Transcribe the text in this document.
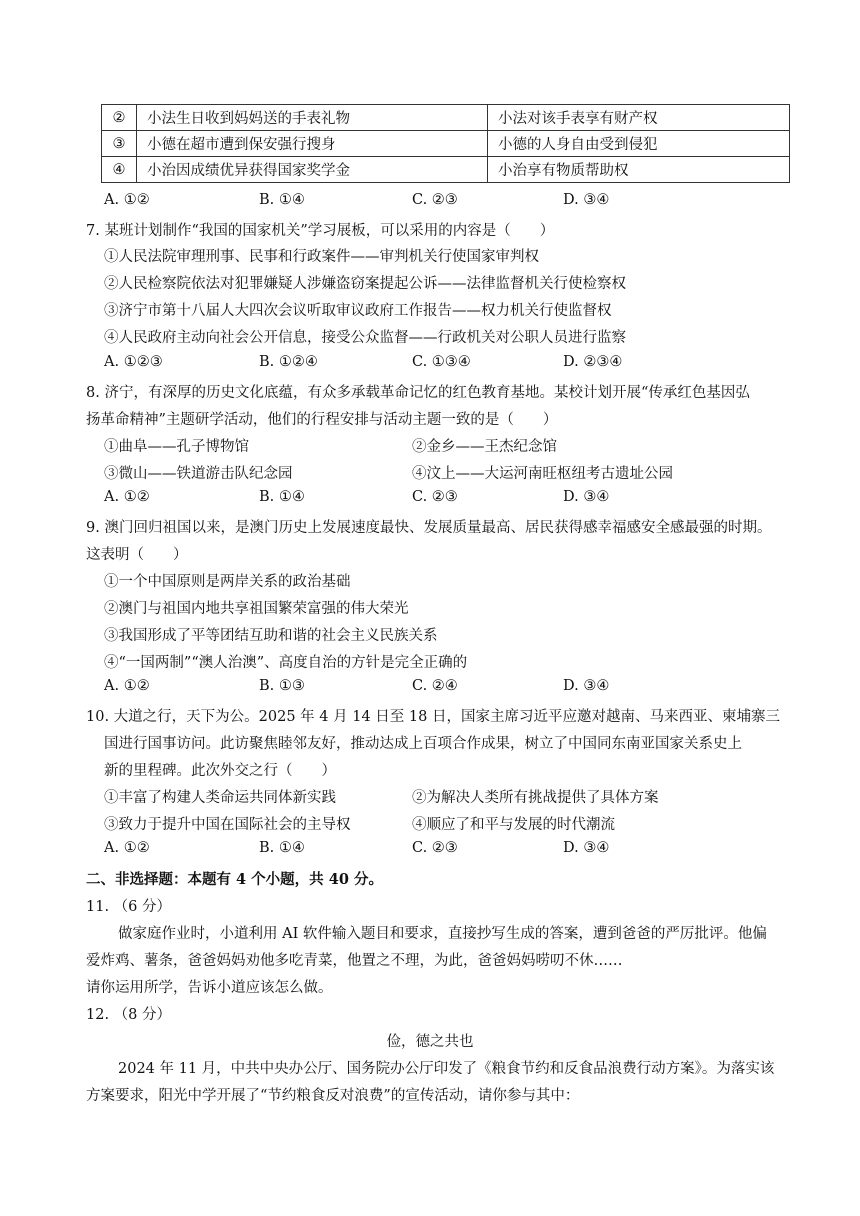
②	小法生日收到妈妈送的手表礼物	小法对该手表享有财产权
③	小德在超市遭到保安强行搜身	小德的人身自由受到侵犯
④	小治因成绩优异获得国家奖学金	小治享有物质帮助权
A. ①②	B. ①④	C. ②③	D. ③④
7. 某班计划制作“我国的国家机关”学习展板，可以采用的内容是（　　）
①人民法院审理刑事、民事和行政案件——审判机关行使国家审判权
②人民检察院依法对犯罪嫌疑人涉嫌盗窃案提起公诉——法律监督机关行使检察权
③济宁市第十八届人大四次会议听取审议政府工作报告——权力机关行使监督权
④人民政府主动向社会公开信息，接受公众监督——行政机关对公职人员进行监察
A. ①②③	B. ①②④	C. ①③④	D. ②③④
8. 济宁，有深厚的历史文化底蕴，有众多承载革命记忆的红色教育基地。某校计划开展“传承红色基因弘
扬革命精神”主题研学活动，他们的行程安排与活动主题一致的是（　　）
①曲阜——孔子博物馆	②金乡——王杰纪念馆
③微山——铁道游击队纪念园	④汶上——大运河南旺枢纽考古遗址公园
A. ①②	B. ①④	C. ②③	D. ③④
9. 澳门回归祖国以来，是澳门历史上发展速度最快、发展质量最高、居民获得感幸福感安全感最强的时期。
这表明（　　）
①一个中国原则是两岸关系的政治基础
②澳门与祖国内地共享祖国繁荣富强的伟大荣光
③我国形成了平等团结互助和谐的社会主义民族关系
④“一国两制”“澳人治澳”、高度自治的方针是完全正确的
A. ①②	B. ①③	C. ②④	D. ③④
10. 大道之行，天下为公。2025 年 4 月 14 日至 18 日，国家主席习近平应邀对越南、马来西亚、柬埔寨三
国进行国事访问。此访聚焦睦邻友好，推动达成上百项合作成果，树立了中国同东南亚国家关系史上
新的里程碑。此次外交之行（　　）
①丰富了构建人类命运共同体新实践	②为解决人类所有挑战提供了具体方案
③致力于提升中国在国际社会的主导权	④顺应了和平与发展的时代潮流
A. ①②	B. ①④	C. ②③	D. ③④
二、非选择题：本题有 4 个小题，共 40 分。
11. （6 分）
做家庭作业时，小道利用 AI 软件输入题目和要求，直接抄写生成的答案，遭到爸爸的严厉批评。他偏
爱炸鸡、薯条，爸爸妈妈劝他多吃青菜，他置之不理，为此，爸爸妈妈唠叨不休……
请你运用所学，告诉小道应该怎么做。
12. （8 分）
俭，德之共也
2024 年 11 月，中共中央办公厅、国务院办公厅印发了《粮食节约和反食品浪费行动方案》。为落实该
方案要求，阳光中学开展了“节约粮食反对浪费”的宣传活动，请你参与其中：
